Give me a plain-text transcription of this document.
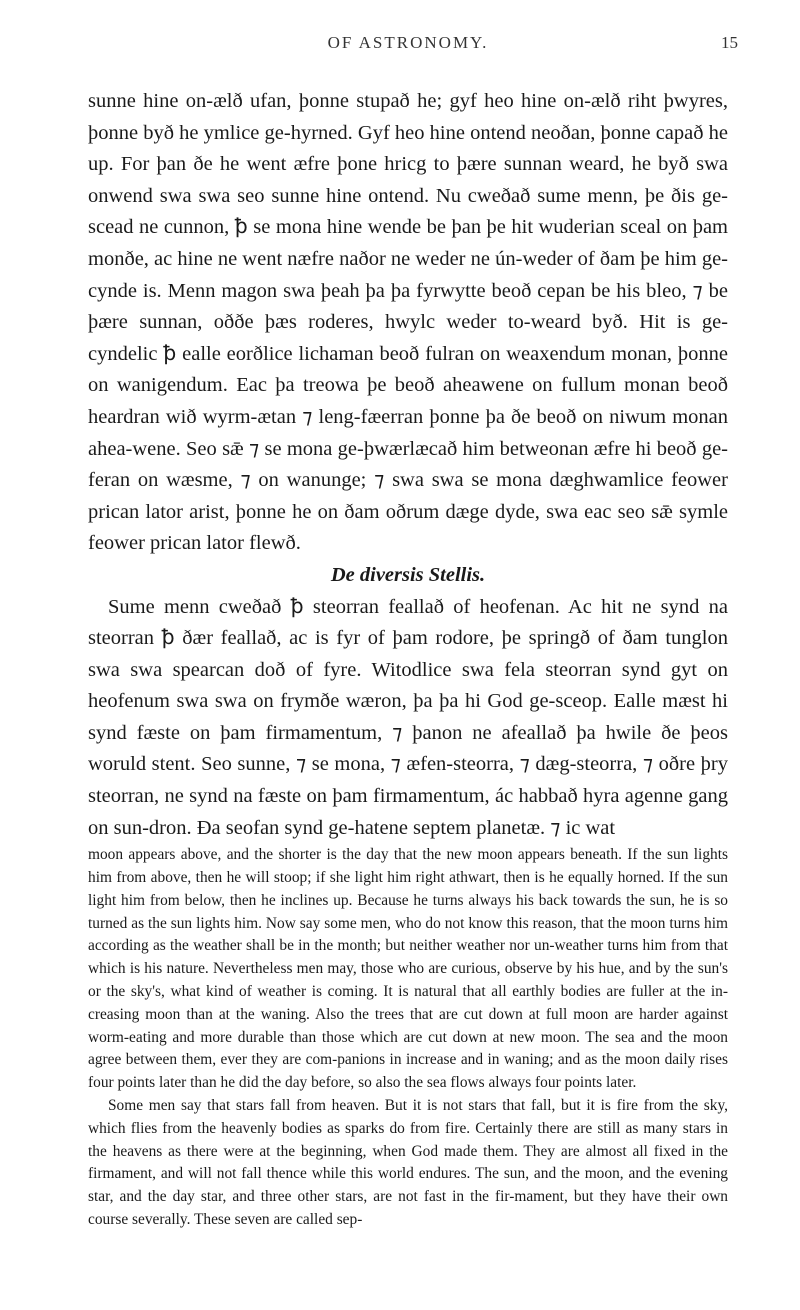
OF ASTRONOMY.	15

sunne hine on-ælð ufan, þonne stupað he; gyf heo hine on-ælð riht þwyres, þonne byð he ymlice ge-hyrned. Gyf heo hine ontend neoðan, þonne capað he up. For þan ðe he went æfre þone hricg to þære sunnan weard, he byð swa onwend swa swa seo sunne hine ontend. Nu cweðað sume menn, þe ðis ge-scead ne cunnon, ꝥ se mona hine wende be þan þe hit wuderian sceal on þam monðe, ac hine ne went næfre naðor ne weder ne ún-weder of ðam þe him ge-cynde is. Menn magon swa þeah þa þa fyrwytte beoð cepan be his bleo, ⁊ be þære sunnan, oððe þæs roderes, hwylc weder to-weard byð. Hit is ge-cyndelic ꝥ ealle eorðlice lichaman beoð fulran on weaxendum monan, þonne on wanigendum. Eac þa treowa þe beoð aheawene on fullum monan beoð heardran wið wyrm-ætan ⁊ leng-fæerran þonne þa ðe beoð on niwum monan ahea-wene. Seo sǣ ⁊ se mona ge-þwærlæcað him betweonan æfre hi beoð ge-feran on wæsme, ⁊ on wanunge; ⁊ swa swa se mona dæghwamlice feower prican lator arist, þonne he on ðam oðrum dæge dyde, swa eac seo sǣ symle feower prican lator flewð.

De diversis Stellis.

Sume menn cweðað ꝥ steorran feallað of heofenan. Ac hit ne synd na steorran ꝥ ðær feallað, ac is fyr of þam rodore, þe springð of ðam tunglon swa swa spearcan doð of fyre. Witodlice swa fela steorran synd gyt on heofenum swa swa on frymðe wæron, þa þa hi God ge-sceop. Ealle mæst hi synd fæste on þam firmamentum, ⁊ þanon ne afeallað þa hwile ðe þeos woruld stent. Seo sunne, ⁊ se mona, ⁊ æfen-steorra, ⁊ dæg-steorra, ⁊ oðre þry steorran, ne synd na fæste on þam firmamentum, ác habbað hyra agenne gang on sun-dron. Ða seofan synd ge-hatene septem planetæ. ⁊ ic wat

moon appears above, and the shorter is the day that the new moon appears beneath. If the sun lights him from above, then he will stoop; if she light him right athwart, then is he equally horned. If the sun light him from below, then he inclines up. Because he turns always his back towards the sun, he is so turned as the sun lights him. Now say some men, who do not know this reason, that the moon turns him according as the weather shall be in the month; but neither weather nor un-weather turns him from that which is his nature. Nevertheless men may, those who are curious, observe by his hue, and by the sun's or the sky's, what kind of weather is coming. It is natural that all earthly bodies are fuller at the in-creasing moon than at the waning. Also the trees that are cut down at full moon are harder against worm-eating and more durable than those which are cut down at new moon. The sea and the moon agree between them, ever they are com-panions in increase and in waning; and as the moon daily rises four points later than he did the day before, so also the sea flows always four points later.

Some men say that stars fall from heaven. But it is not stars that fall, but it is fire from the sky, which flies from the heavenly bodies as sparks do from fire. Certainly there are still as many stars in the heavens as there were at the beginning, when God made them. They are almost all fixed in the firmament, and will not fall thence while this world endures. The sun, and the moon, and the evening star, and the day star, and three other stars, are not fast in the fir-mament, but they have their own course severally. These seven are called sep-
